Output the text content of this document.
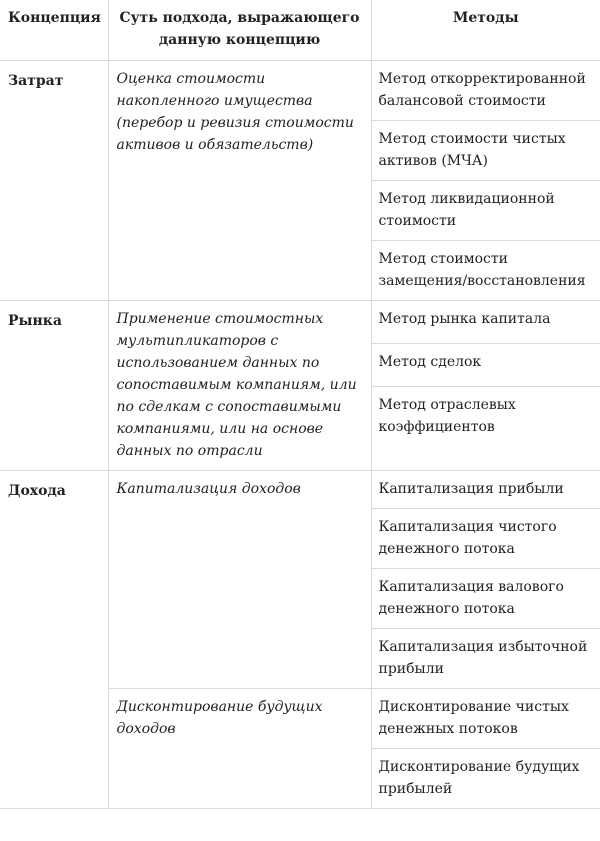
Концепция	Суть подхода, выражающего данную концепцию	Методы
Затрат	Оценка стоимости накопленного имущества (перебор и ревизия стоимости активов и обязательств)	Метод откорректированной балансовой стоимости
		Метод стоимости чистых активов (МЧА)
		Метод ликвидационной стоимости
		Метод стоимости замещения/восстановления
Рынка	Применение стоимостных мультипликаторов с использованием данных по сопоставимым компаниям, или по сделкам с сопоставимыми компаниями, или на основе данных по отрасли	Метод рынка капитала
		Метод сделок
		Метод отраслевых коэффициентов
Дохода	Капитализация доходов	Капитализация прибыли
		Капитализация чистого денежного потока
		Капитализация валового денежного потока
		Капитализация избыточной прибыли
	Дисконтирование будущих доходов	Дисконтирование чистых денежных потоков
		Дисконтирование будущих прибылей
